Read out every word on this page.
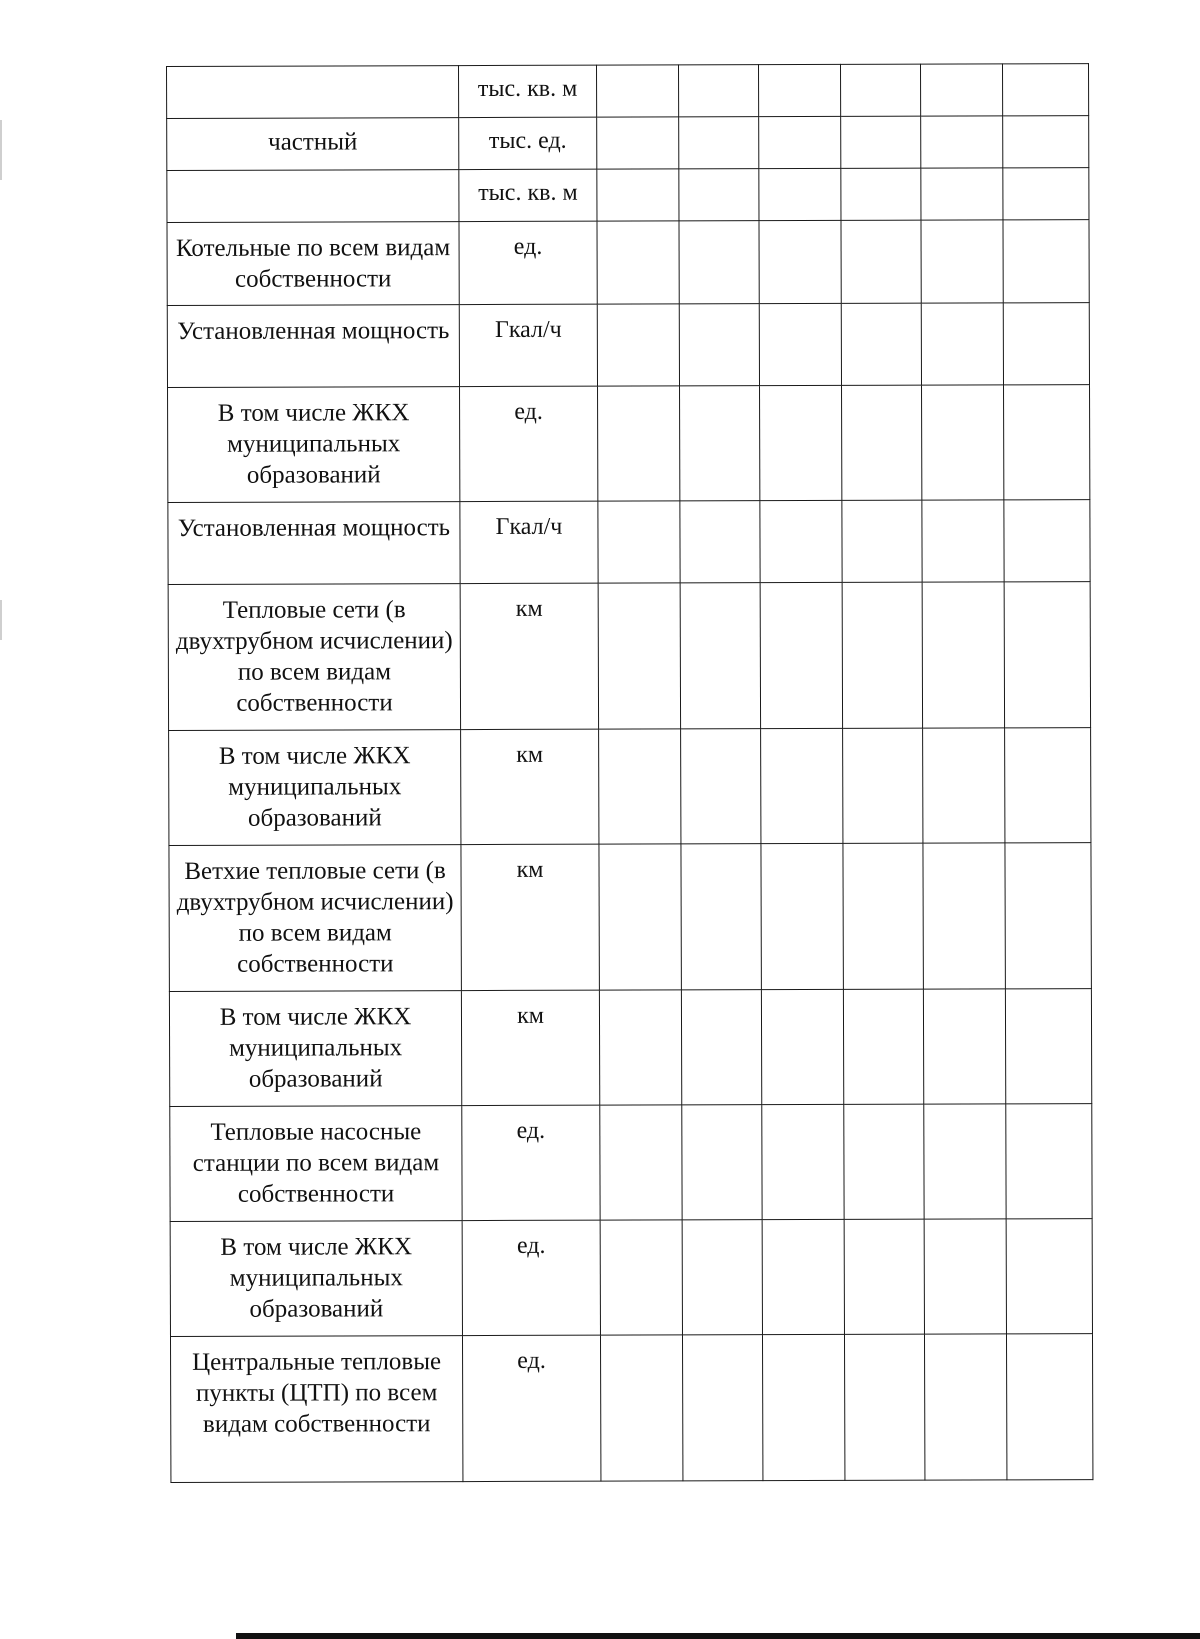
	тыс. кв. м						
частный	тыс. ед.						
	тыс. кв. м						
Котельные по всем видам собственности	ед.						
Установленная мощность	Гкал/ч						
В том числе ЖКХ муниципальных образований	ед.						
Установленная мощность	Гкал/ч						
Тепловые сети (в двухтрубном исчислении) по всем видам собственности	км						
В том числе ЖКХ муниципальных образований	км						
Ветхие тепловые сети (в двухтрубном исчислении) по всем видам собственности	км						
В том числе ЖКХ муниципальных образований	км						
Тепловые насосные станции по всем видам собственности	ед.						
В том числе ЖКХ муниципальных образований	ед.						
Центральные тепловые пункты (ЦТП) по всем видам собственности	ед.						
